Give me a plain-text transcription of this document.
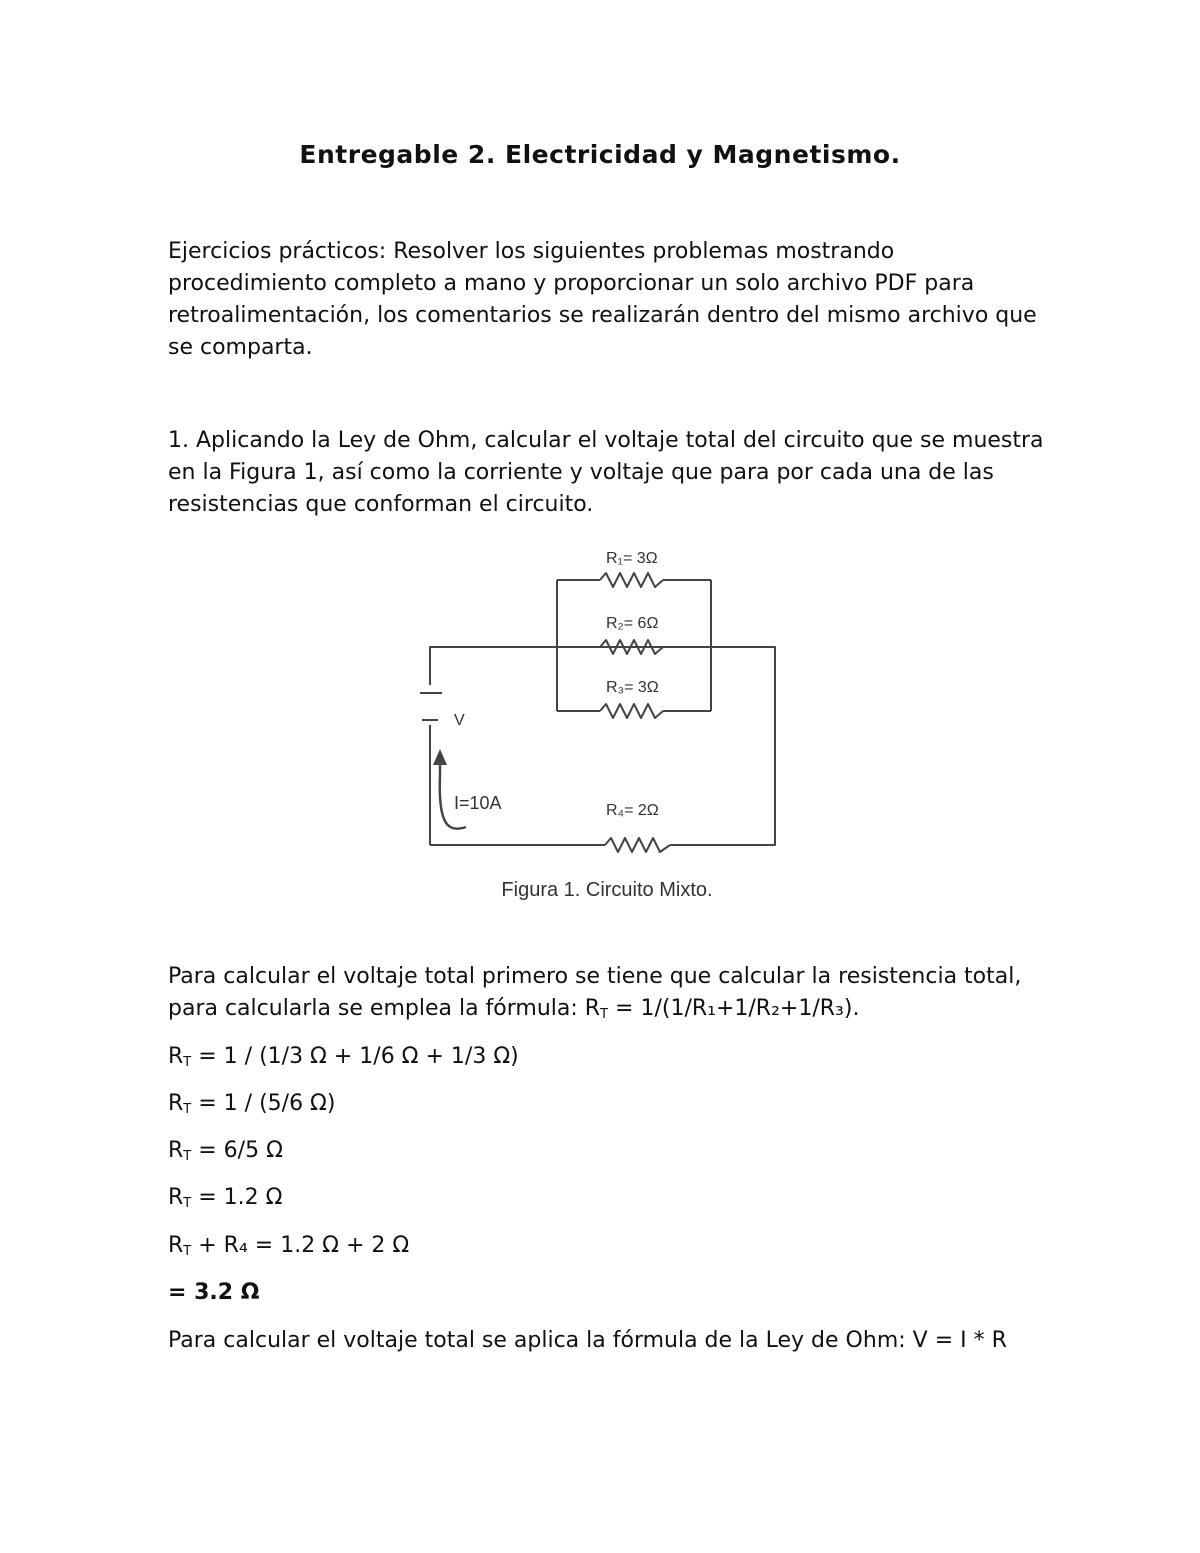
Entregable 2. Electricidad y Magnetismo.

Ejercicios prácticos: Resolver los siguientes problemas mostrando procedimiento completo a mano y proporcionar un solo archivo PDF para retroalimentación, los comentarios se realizarán dentro del mismo archivo que se comparta.

1. Aplicando la Ley de Ohm, calcular el voltaje total del circuito que se muestra en la Figura 1, así como la corriente y voltaje que para por cada una de las resistencias que conforman el circuito.

R₁= 3Ω
R₂= 6Ω
R₃= 3Ω
R₄= 2Ω
V
I=10A
Figura 1. Circuito Mixto.

Para calcular el voltaje total primero se tiene que calcular la resistencia total, para calcularla se emplea la fórmula: $R_T = 1/(1/R_1+1/R_2+1/R_3)$.

$R_T = 1 / (1/3$ Ω + 1/6 Ω + 1/3 Ω)
$R_T = 1 / (5/6$ Ω)
$R_T = 6/5$ Ω
$R_T = 1.2$ Ω
$R_T + R_4 = 1.2$ Ω + 2 Ω
= 3.2 Ω

Para calcular el voltaje total se aplica la fórmula de la Ley de Ohm: V = I * R
